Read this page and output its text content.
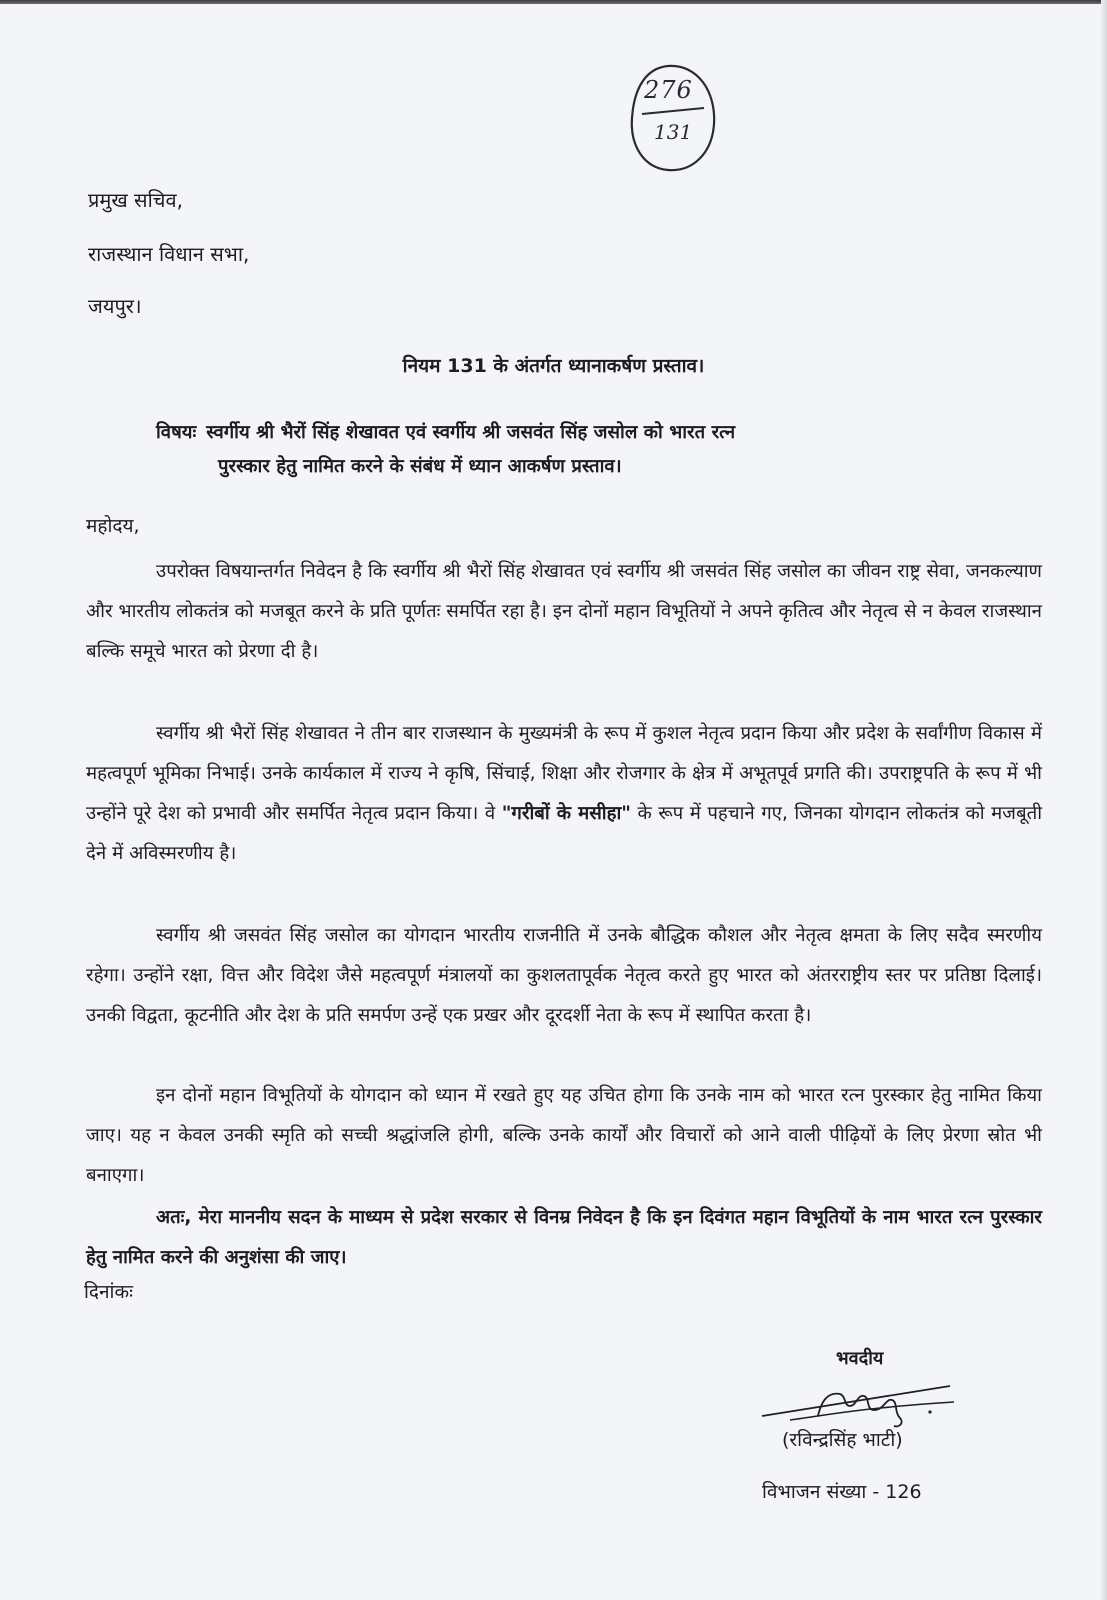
276
131
प्रमुख सचिव,
राजस्थान विधान सभा,
जयपुर।
नियम 131 के अंतर्गत ध्यानाकर्षण प्रस्ताव।
विषयः स्वर्गीय श्री भैरों सिंह शेखावत एवं स्वर्गीय श्री जसवंत सिंह जसोल को भारत रत्न
पुरस्कार हेतु नामित करने के संबंध में ध्यान आकर्षण प्रस्ताव।
महोदय,
उपरोक्त विषयान्तर्गत निवेदन है कि स्वर्गीय श्री भैरों सिंह शेखावत एवं स्वर्गीय श्री जसवंत सिंह जसोल का जीवन राष्ट्र सेवा, जनकल्याण और भारतीय लोकतंत्र को मजबूत करने के प्रति पूर्णतः समर्पित रहा है। इन दोनों महान विभूतियों ने अपने कृतित्व और नेतृत्व से न केवल राजस्थान बल्कि समूचे भारत को प्रेरणा दी है।
स्वर्गीय श्री भैरों सिंह शेखावत ने तीन बार राजस्थान के मुख्यमंत्री के रूप में कुशल नेतृत्व प्रदान किया और प्रदेश के सर्वांगीण विकास में महत्वपूर्ण भूमिका निभाई। उनके कार्यकाल में राज्य ने कृषि, सिंचाई, शिक्षा और रोजगार के क्षेत्र में अभूतपूर्व प्रगति की। उपराष्ट्रपति के रूप में भी उन्होंने पूरे देश को प्रभावी और समर्पित नेतृत्व प्रदान किया। वे "गरीबों के मसीहा" के रूप में पहचाने गए, जिनका योगदान लोकतंत्र को मजबूती देने में अविस्मरणीय है।
स्वर्गीय श्री जसवंत सिंह जसोल का योगदान भारतीय राजनीति में उनके बौद्धिक कौशल और नेतृत्व क्षमता के लिए सदैव स्मरणीय रहेगा। उन्होंने रक्षा, वित्त और विदेश जैसे महत्वपूर्ण मंत्रालयों का कुशलतापूर्वक नेतृत्व करते हुए भारत को अंतरराष्ट्रीय स्तर पर प्रतिष्ठा दिलाई। उनकी विद्वता, कूटनीति और देश के प्रति समर्पण उन्हें एक प्रखर और दूरदर्शी नेता के रूप में स्थापित करता है।
इन दोनों महान विभूतियों के योगदान को ध्यान में रखते हुए यह उचित होगा कि उनके नाम को भारत रत्न पुरस्कार हेतु नामित किया जाए। यह न केवल उनकी स्मृति को सच्ची श्रद्धांजलि होगी, बल्कि उनके कार्यों और विचारों को आने वाली पीढ़ियों के लिए प्रेरणा स्रोत भी बनाएगा।
अतः, मेरा माननीय सदन के माध्यम से प्रदेश सरकार से विनम्र निवेदन है कि इन दिवंगत महान विभूतियों के नाम भारत रत्न पुरस्कार हेतु नामित करने की अनुशंसा की जाए।
दिनांकः
भवदीय
(रविन्द्रसिंह भाटी)
विभाजन संख्या - 126
